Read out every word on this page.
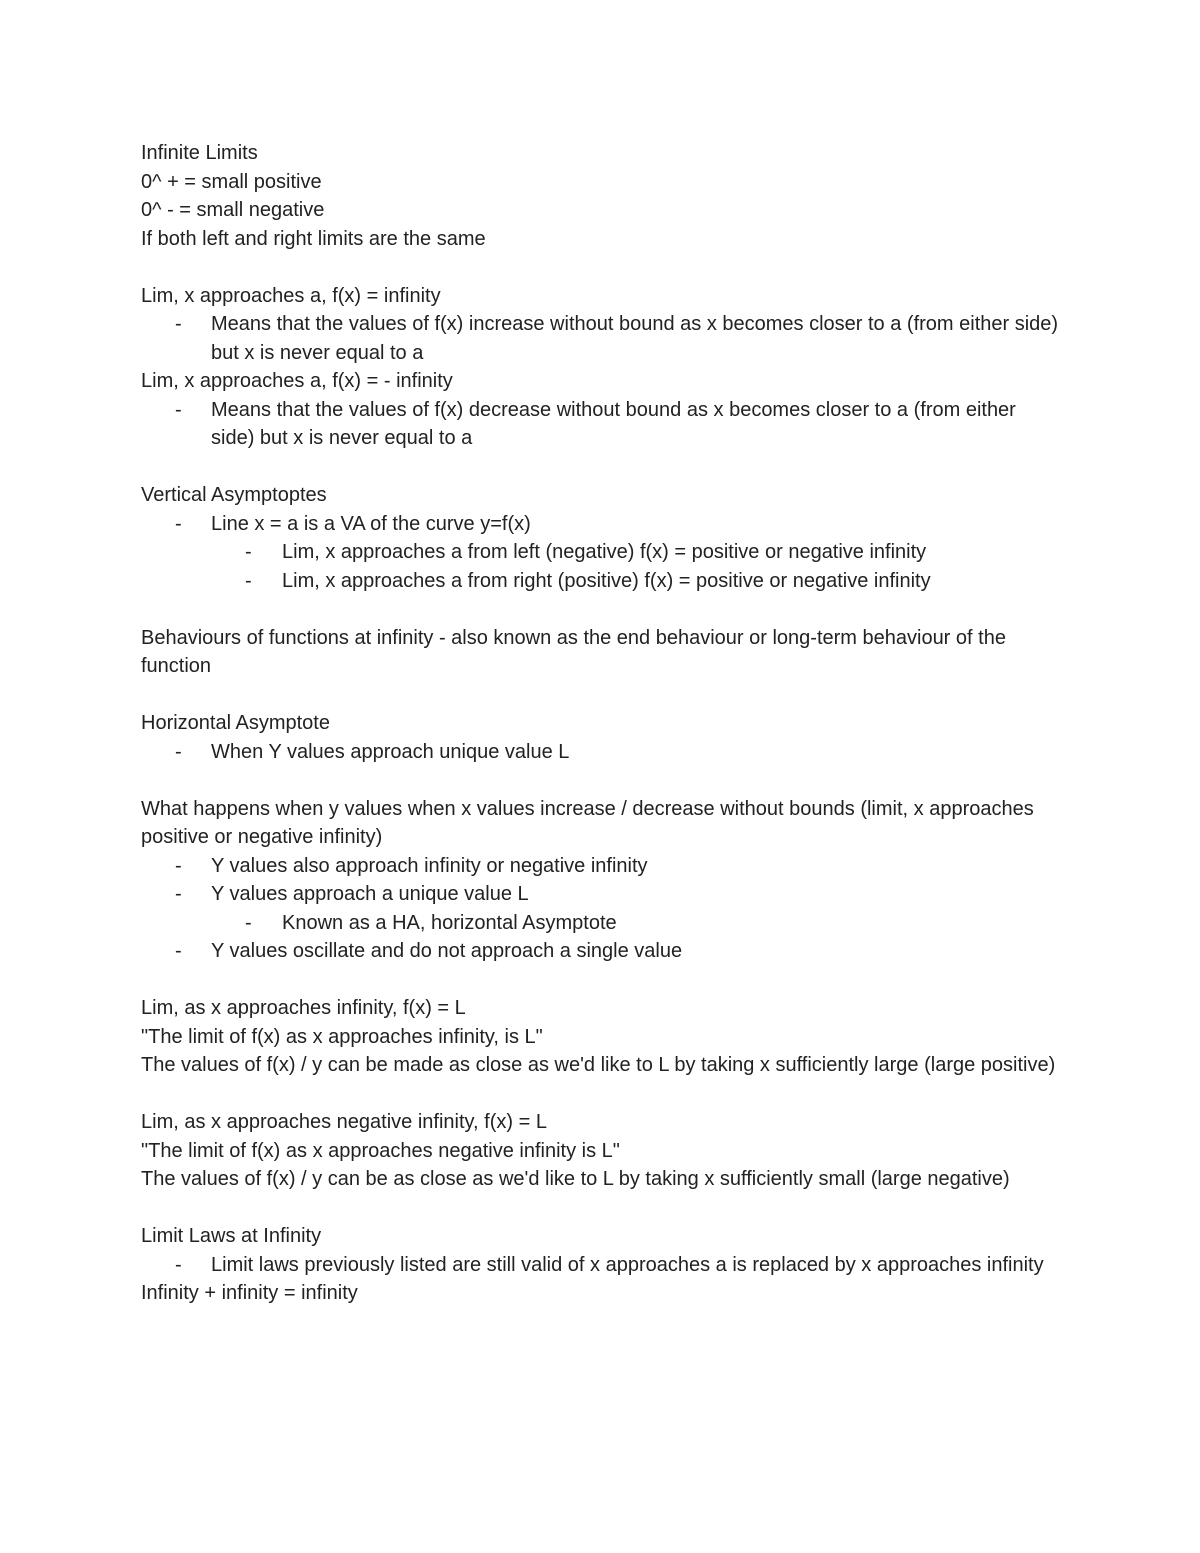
Infinite Limits

0^ + = small positive

0^ - = small negative

If both left and right limits are the same

Lim, x approaches a, f(x) = infinity

- Means that the values of f(x) increase without bound as x becomes closer to a (from either side) but x is never equal to a

Lim, x approaches a, f(x) = - infinity

- Means that the values of f(x) decrease without bound as x becomes closer to a (from either side) but x is never equal to a

Vertical Asymptoptes

- Line x = a is a VA of the curve y=f(x)
- Lim, x approaches a from left (negative) f(x) = positive or negative infinity
- Lim, x approaches a from right (positive) f(x) = positive or negative infinity

Behaviours of functions at infinity - also known as the end behaviour or long-term behaviour of the function

Horizontal Asymptote

- When Y values approach unique value L

What happens when y values when x values increase / decrease without bounds (limit, x approaches positive or negative infinity)

- Y values also approach infinity or negative infinity
- Y values approach a unique value L
- Known as a HA, horizontal Asymptote
- Y values oscillate and do not approach a single value

Lim, as x approaches infinity, f(x) = L

"The limit of f(x) as x approaches infinity, is L"

The values of f(x) / y can be made as close as we'd like to L by taking x sufficiently large (large positive)

Lim, as x approaches negative infinity, f(x) = L

"The limit of f(x) as x approaches negative infinity is L"

The values of f(x) / y can be as close as we'd like to L by taking x sufficiently small (large negative)

Limit Laws at Infinity

- Limit laws previously listed are still valid of x approaches a is replaced by x approaches infinity

Infinity + infinity = infinity
